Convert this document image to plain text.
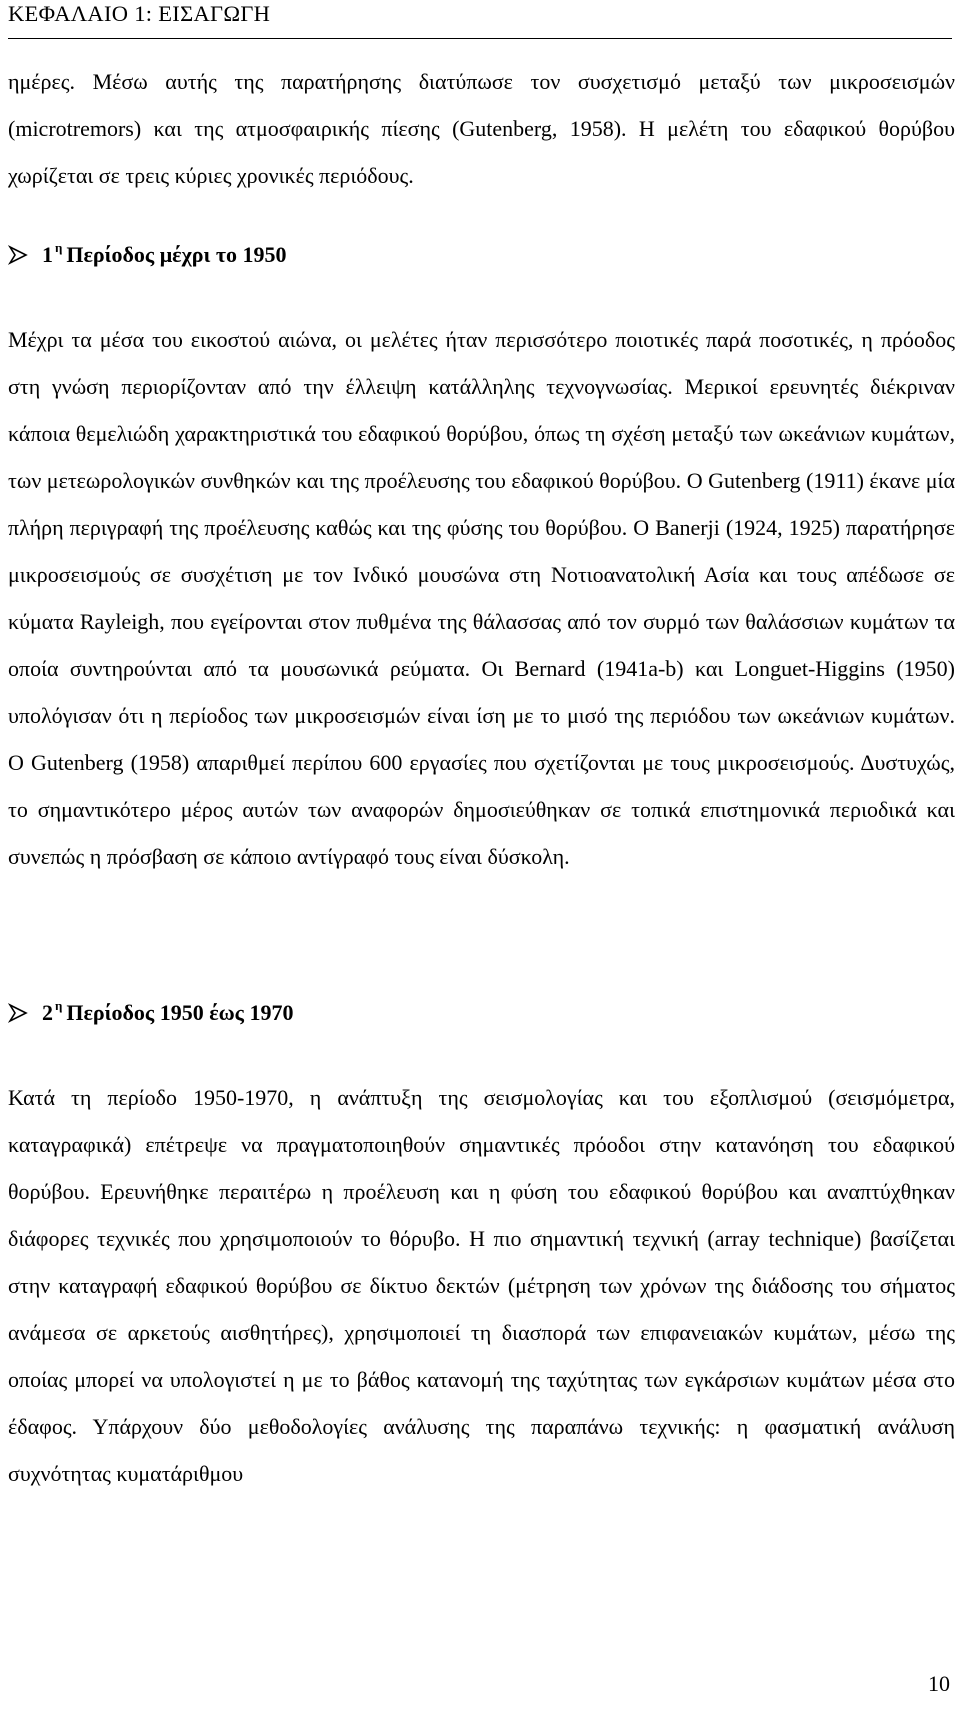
ΚΕΦΑΛΑΙΟ 1: ΕΙΣΑΓΩΓΗ

ημέρες. Μέσω αυτής της παρατήρησης διατύπωσε τον συσχετισμό μεταξύ των μικροσεισμών (microtremors) και της ατμοσφαιρικής πίεσης (Gutenberg, 1958). Η μελέτη του εδαφικού θορύβου χωρίζεται σε τρεις κύριες χρονικές περιόδους.

1 $^\eta$ Περίοδος μέχρι το 1950

Μέχρι τα μέσα του εικοστού αιώνα, οι μελέτες ήταν περισσότερο ποιοτικές παρά ποσοτικές, η πρόοδος στη γνώση περιορίζονταν από την έλλειψη κατάλληλης τεχνογνωσίας. Μερικοί ερευνητές διέκριναν κάποια θεμελιώδη χαρακτηριστικά του εδαφικού θορύβου, όπως τη σχέση μεταξύ των ωκεάνιων κυμάτων, των μετεωρολογικών συνθηκών και της προέλευσης του εδαφικού θορύβου. O Gutenberg (1911) έκανε μία πλήρη περιγραφή της προέλευσης καθώς και της φύσης του θορύβου. O Banerji (1924, 1925) παρατήρησε μικροσεισμούς σε συσχέτιση με τον Ινδικό μουσώνα στη Νοτιοανατολική Ασία και τους απέδωσε σε κύματα Rayleigh, που εγείρονται στον πυθμένα της θάλασσας από τον συρμό των θαλάσσιων κυμάτων τα οποία συντηρούνται από τα μουσωνικά ρεύματα. Οι Bernard (1941a-b) και Longuet-Higgins (1950) υπολόγισαν ότι η περίοδος των μικροσεισμών είναι ίση με το μισό της περιόδου των ωκεάνιων κυμάτων. O Gutenberg (1958) απαριθμεί περίπου 600 εργασίες που σχετίζονται με τους μικροσεισμούς. Δυστυχώς, το σημαντικότερο μέρος αυτών των αναφορών δημοσιεύθηκαν σε τοπικά επιστημονικά περιοδικά και συνεπώς η πρόσβαση σε κάποιο αντίγραφό τους είναι δύσκολη.

2 $^\eta$ Περίοδος 1950 έως 1970

Κατά τη περίοδο 1950-1970, η ανάπτυξη της σεισμολογίας και του εξοπλισμού (σεισμόμετρα, καταγραφικά) επέτρεψε να πραγματοποιηθούν σημαντικές πρόοδοι στην κατανόηση του εδαφικού θορύβου. Ερευνήθηκε περαιτέρω η προέλευση και η φύση του εδαφικού θορύβου και αναπτύχθηκαν διάφορες τεχνικές που χρησιμοποιούν το θόρυβο. Η πιο σημαντική τεχνική (array technique) βασίζεται στην καταγραφή εδαφικού θορύβου σε δίκτυο δεκτών (μέτρηση των χρόνων της διάδοσης του σήματος ανάμεσα σε αρκετούς αισθητήρες), χρησιμοποιεί τη διασπορά των επιφανειακών κυμάτων, μέσω της οποίας μπορεί να υπολογιστεί η με το βάθος κατανομή της ταχύτητας των εγκάρσιων κυμάτων μέσα στο έδαφος. Υπάρχουν δύο μεθοδολογίες ανάλυσης της παραπάνω τεχνικής: η φασματική ανάλυση συχνότητας κυματάριθμου

10
